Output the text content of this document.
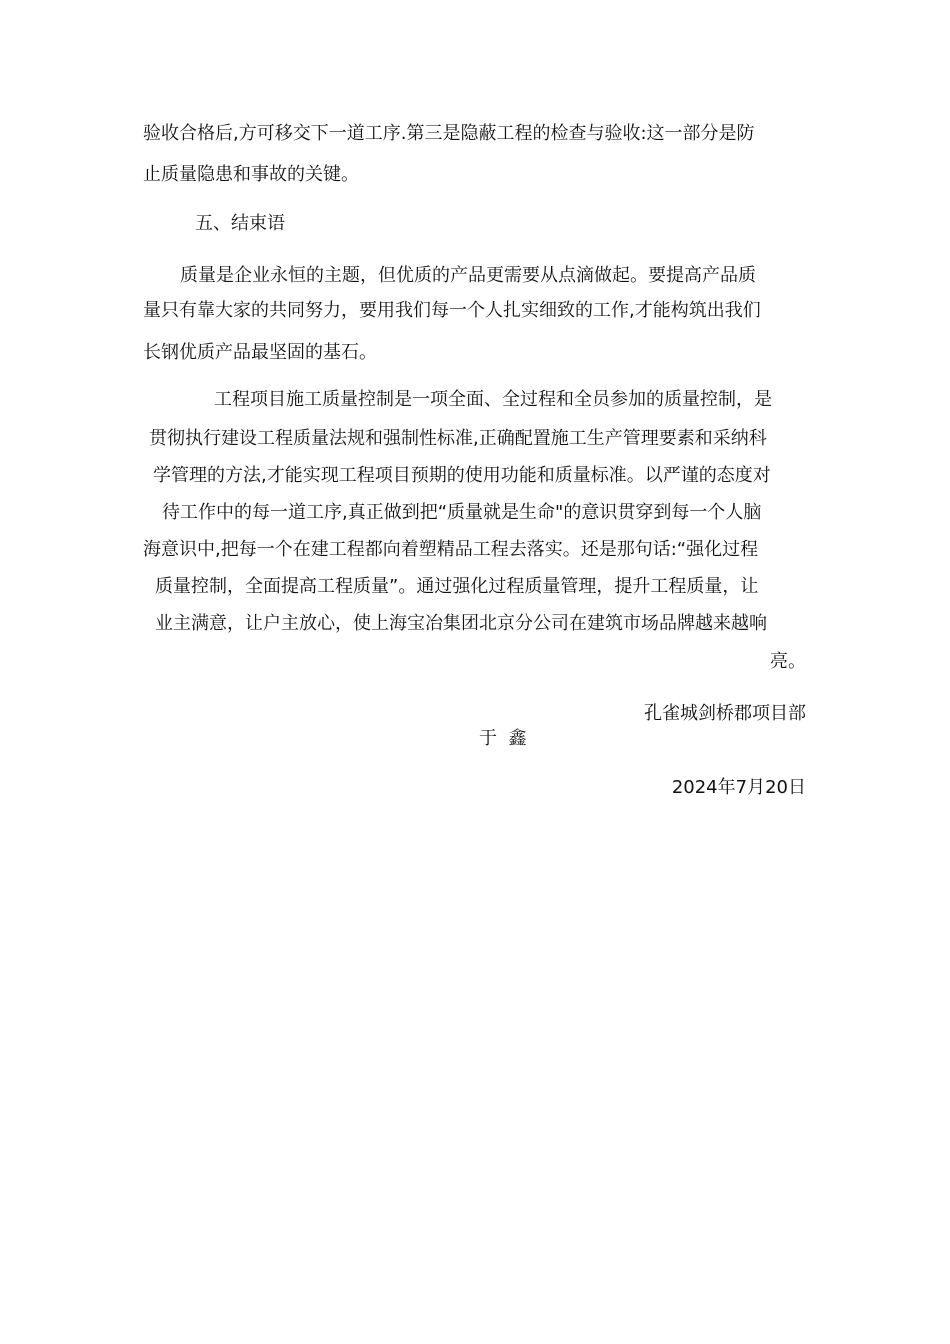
验收合格后,方可移交下一道工序.第三是隐蔽工程的检查与验收:这一部分是防
止质量隐患和事故的关键。
五、结束语
质量是企业永恒的主题，但优质的产品更需要从点滴做起。要提高产品质
量只有靠大家的共同努力，要用我们每一个人扎实细致的工作,才能构筑出我们
长钢优质产品最坚固的基石。
工程项目施工质量控制是一项全面、全过程和全员参加的质量控制，是
贯彻执行建设工程质量法规和强制性标准,正确配置施工生产管理要素和采纳科
学管理的方法,才能实现工程项目预期的使用功能和质量标准。以严谨的态度对
待工作中的每一道工序,真正做到把“质量就是生命"的意识贯穿到每一个人脑
海意识中,把每一个在建工程都向着塑精品工程去落实。还是那句话:“强化过程
质量控制，全面提高工程质量”。通过强化过程质量管理，提升工程质量，让
业主满意，让户主放心，使上海宝冶集团北京分公司在建筑市场品牌越来越响
亮。
孔雀城剑桥郡项目部
于  鑫
2024年7月20日
